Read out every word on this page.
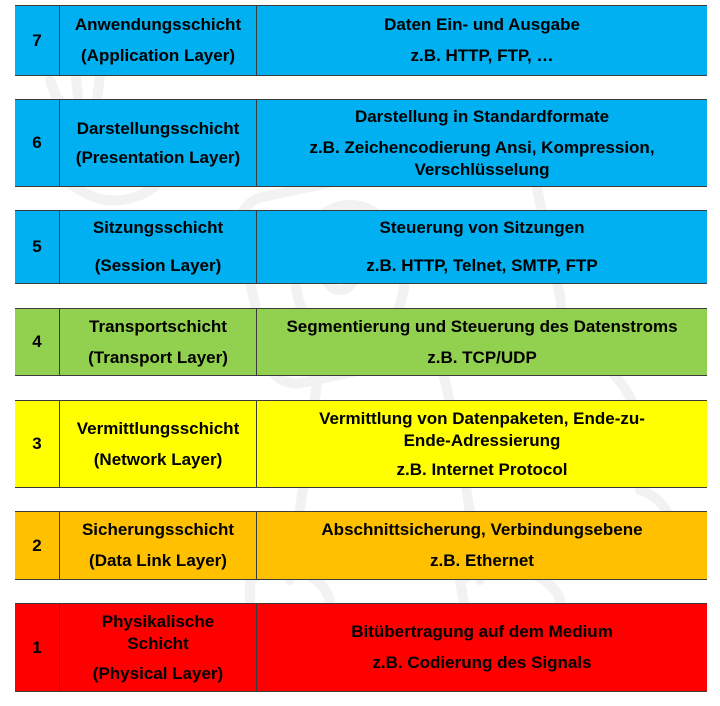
7
Anwendungsschicht
(Application Layer)
Daten Ein- und Ausgabe
z.B. HTTP, FTP, …
6
Darstellungsschicht
(Presentation Layer)
Darstellung in Standardformate
z.B. Zeichencodierung Ansi, Kompression, Verschlüsselung
5
Sitzungsschicht
(Session Layer)
Steuerung von Sitzungen
z.B. HTTP, Telnet, SMTP, FTP
4
Transportschicht
(Transport Layer)
Segmentierung und Steuerung des Datenstroms
z.B. TCP/UDP
3
Vermittlungsschicht
(Network Layer)
Vermittlung von Datenpaketen, Ende-zu-Ende-Adressierung
z.B. Internet Protocol
2
Sicherungsschicht
(Data Link Layer)
Abschnittsicherung, Verbindungsebene
z.B. Ethernet
1
Physikalische Schicht
(Physical Layer)
Bitübertragung auf dem Medium
z.B. Codierung des Signals
